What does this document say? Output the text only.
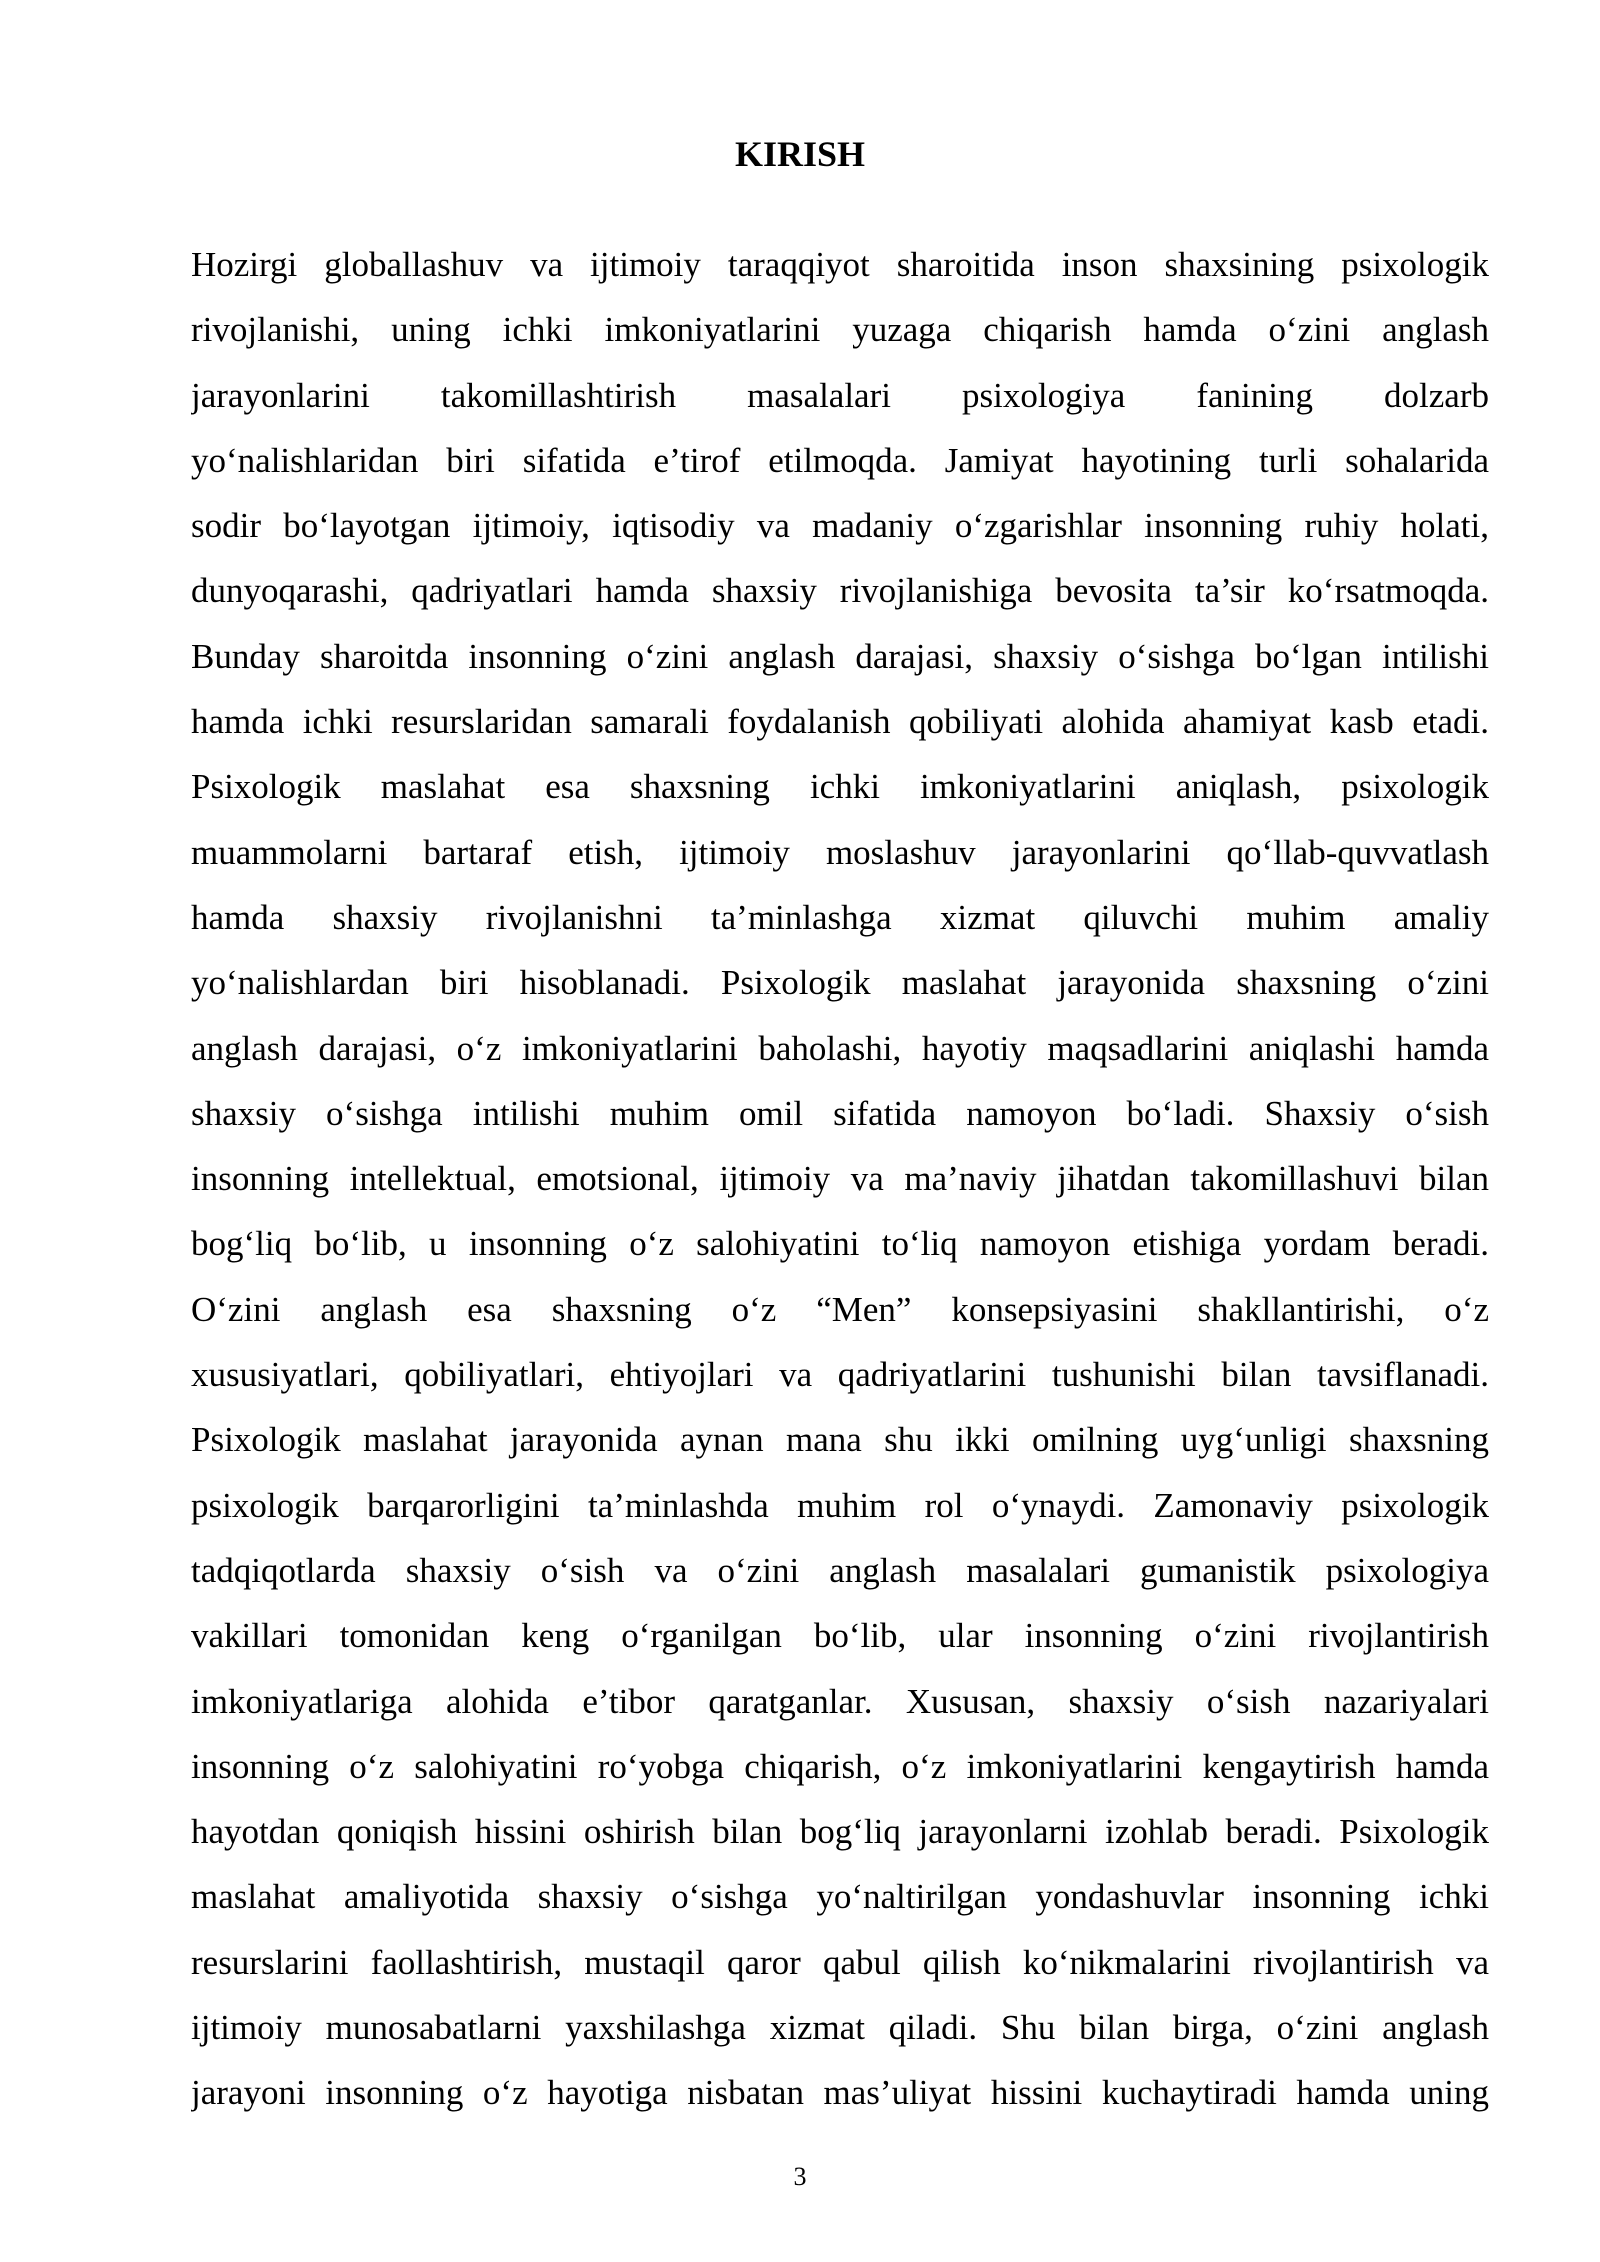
KIRISH
Hozirgi globallashuv va ijtimoiy taraqqiyot sharoitida inson shaxsining psixologik
rivojlanishi, uning ichki imkoniyatlarini yuzaga chiqarish hamda o‘zini anglash
jarayonlarini takomillashtirish masalalari psixologiya fanining dolzarb
yo‘nalishlaridan biri sifatida e’tirof etilmoqda. Jamiyat hayotining turli sohalarida
sodir bo‘layotgan ijtimoiy, iqtisodiy va madaniy o‘zgarishlar insonning ruhiy holati,
dunyoqarashi, qadriyatlari hamda shaxsiy rivojlanishiga bevosita ta’sir ko‘rsatmoqda.
Bunday sharoitda insonning o‘zini anglash darajasi, shaxsiy o‘sishga bo‘lgan intilishi
hamda ichki resurslaridan samarali foydalanish qobiliyati alohida ahamiyat kasb etadi.
Psixologik maslahat esa shaxsning ichki imkoniyatlarini aniqlash, psixologik
muammolarni bartaraf etish, ijtimoiy moslashuv jarayonlarini qo‘llab-quvvatlash
hamda shaxsiy rivojlanishni ta’minlashga xizmat qiluvchi muhim amaliy
yo‘nalishlardan biri hisoblanadi. Psixologik maslahat jarayonida shaxsning o‘zini
anglash darajasi, o‘z imkoniyatlarini baholashi, hayotiy maqsadlarini aniqlashi hamda
shaxsiy o‘sishga intilishi muhim omil sifatida namoyon bo‘ladi. Shaxsiy o‘sish
insonning intellektual, emotsional, ijtimoiy va ma’naviy jihatdan takomillashuvi bilan
bog‘liq bo‘lib, u insonning o‘z salohiyatini to‘liq namoyon etishiga yordam beradi.
O‘zini anglash esa shaxsning o‘z “Men” konsepsiyasini shakllantirishi, o‘z
xususiyatlari, qobiliyatlari, ehtiyojlari va qadriyatlarini tushunishi bilan tavsiflanadi.
Psixologik maslahat jarayonida aynan mana shu ikki omilning uyg‘unligi shaxsning
psixologik barqarorligini ta’minlashda muhim rol o‘ynaydi. Zamonaviy psixologik
tadqiqotlarda shaxsiy o‘sish va o‘zini anglash masalalari gumanistik psixologiya
vakillari tomonidan keng o‘rganilgan bo‘lib, ular insonning o‘zini rivojlantirish
imkoniyatlariga alohida e’tibor qaratganlar. Xususan, shaxsiy o‘sish nazariyalari
insonning o‘z salohiyatini ro‘yobga chiqarish, o‘z imkoniyatlarini kengaytirish hamda
hayotdan qoniqish hissini oshirish bilan bog‘liq jarayonlarni izohlab beradi. Psixologik
maslahat amaliyotida shaxsiy o‘sishga yo‘naltirilgan yondashuvlar insonning ichki
resurslarini faollashtirish, mustaqil qaror qabul qilish ko‘nikmalarini rivojlantirish va
ijtimoiy munosabatlarni yaxshilashga xizmat qiladi. Shu bilan birga, o‘zini anglash
jarayoni insonning o‘z hayotiga nisbatan mas’uliyat hissini kuchaytiradi hamda uning
3
